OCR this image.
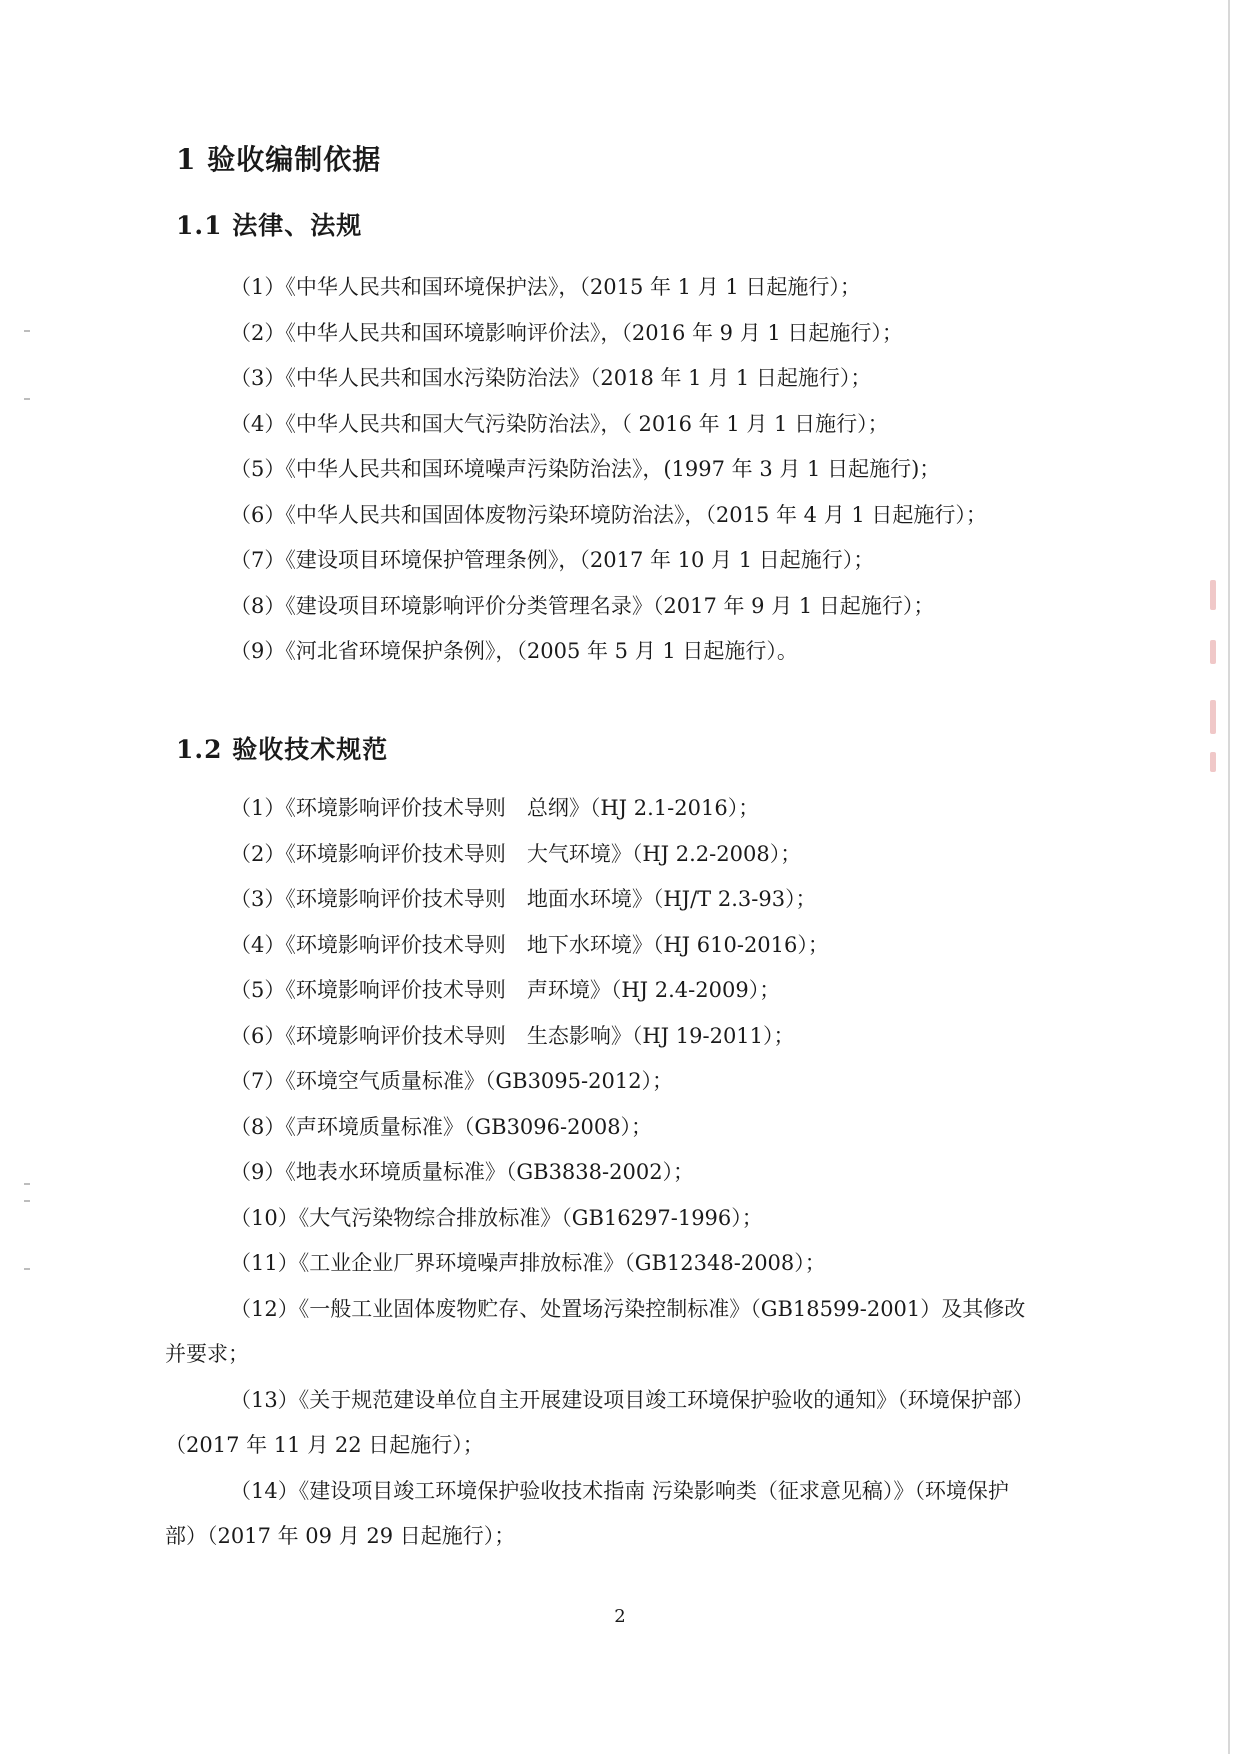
1 验收编制依据
1.1 法律、法规

（1）《中华人民共和国环境保护法》，（2015 年 1 月 1 日起施行）；

（2）《中华人民共和国环境影响评价法》，（2016 年 9 月 1 日起施行）；

（3）《中华人民共和国水污染防治法》（2018 年 1 月 1 日起施行）；

（4）《中华人民共和国大气污染防治法》，（ 2016 年 1 月 1 日施行）；

（5）《中华人民共和国环境噪声污染防治法》，(1997 年 3 月 1 日起施行)；

（6）《中华人民共和国固体废物污染环境防治法》，（2015 年 4 月 1 日起施行）；

（7）《建设项目环境保护管理条例》，（2017 年 10 月 1 日起施行）；

（8）《建设项目环境影响评价分类管理名录》（2017 年 9 月 1 日起施行）；

（9）《河北省环境保护条例》，（2005 年 5 月 1 日起施行）。

1.2 验收技术规范

（1）《环境影响评价技术导则　总纲》（HJ 2.1-2016）；

（2）《环境影响评价技术导则　大气环境》（HJ 2.2-2008）；

（3）《环境影响评价技术导则　地面水环境》（HJ/T 2.3-93）；

（4）《环境影响评价技术导则　地下水环境》（HJ 610-2016）；

（5）《环境影响评价技术导则　声环境》（HJ 2.4-2009）；

（6）《环境影响评价技术导则　生态影响》（HJ 19-2011）；

（7）《环境空气质量标准》（GB3095-2012）；

（8）《声环境质量标准》（GB3096-2008）；

（9）《地表水环境质量标准》（GB3838-2002）；

（10）《大气污染物综合排放标准》（GB16297-1996）；

（11）《工业企业厂界环境噪声排放标准》（GB12348-2008）；

（12）《一般工业固体废物贮存、处置场污染控制标准》（GB18599-2001）及其修改并要求；

（13）《关于规范建设单位自主开展建设项目竣工环境保护验收的通知》（环境保护部）（2017 年 11 月 22 日起施行）；

（14）《建设项目竣工环境保护验收技术指南 污染影响类（征求意见稿）》（环境保护部）（2017 年 09 月 29 日起施行）；

2
